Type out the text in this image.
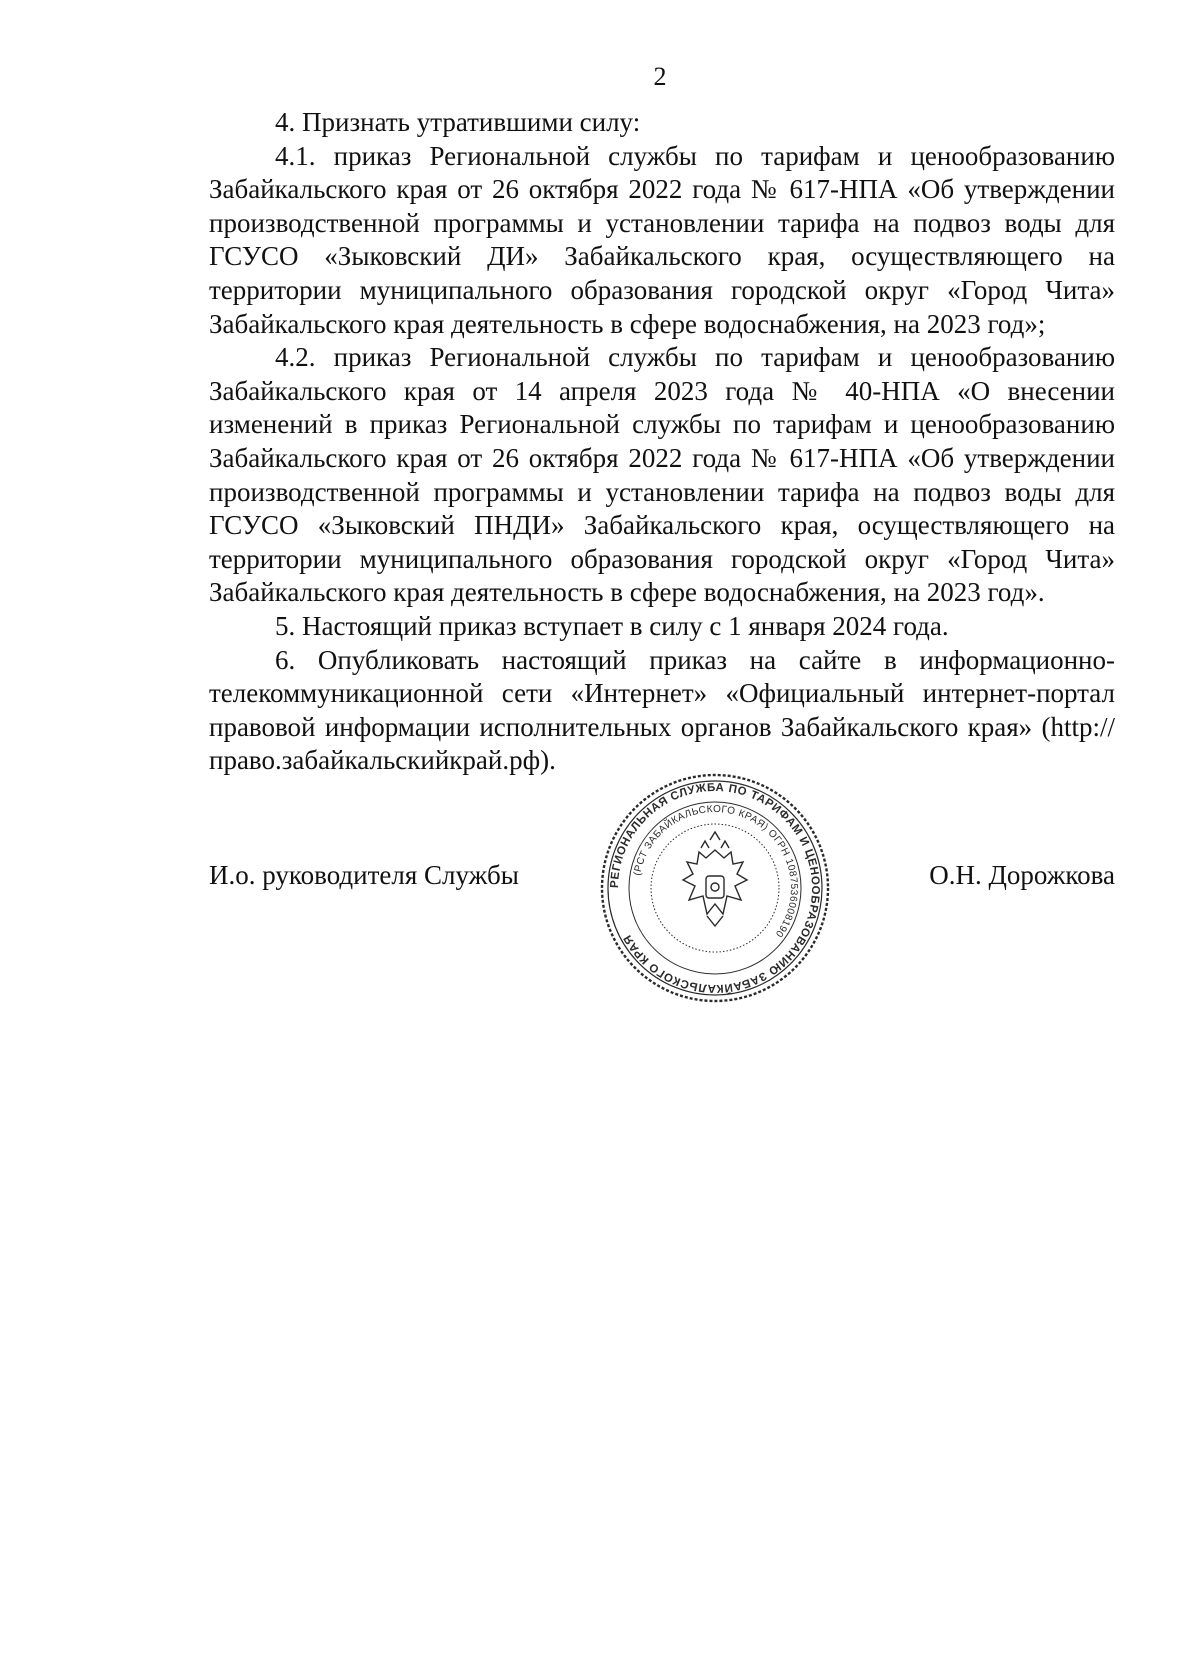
2

4. Признать утратившими силу:

4.1. приказ Региональной службы по тарифам и ценообразованию Забайкальского края от 26 октября 2022 года № 617-НПА «Об утверждении производственной программы и установлении тарифа на подвоз воды для ГСУСО «Зыковский ДИ» Забайкальского края, осуществляющего на территории муниципального образования городской округ «Город Чита» Забайкальского края деятельность в сфере водоснабжения, на 2023 год»;

4.2. приказ Региональной службы по тарифам и ценообразованию Забайкальского края от 14 апреля 2023 года № 40-НПА «О внесении изменений в приказ Региональной службы по тарифам и ценообразованию Забайкальского края от 26 октября 2022 года № 617-НПА «Об утверждении производственной программы и установлении тарифа на подвоз воды для ГСУСО «Зыковский ПНДИ» Забайкальского края, осуществляющего на территории муниципального образования городской округ «Город Чита» Забайкальского края деятельность в сфере водоснабжения, на 2023 год».

5. Настоящий приказ вступает в силу с 1 января 2024 года.

6. Опубликовать настоящий приказ на сайте в информационно-телекоммуникационной сети «Интернет» «Официальный интернет-портал правовой информации исполнительных органов Забайкальского края» (http://право.забайкальскийкрай.рф).

И.о. руководителя Службы	О.Н. Дорожкова
РЕГИОНАЛЬНАЯ СЛУЖБА ПО ТАРИФАМ И ЦЕНООБРАЗОВАНИЮ ЗАБАЙКАЛЬСКОГО КРАЯ
(РСТ ЗАБАЙКАЛЬСКОГО КРАЯ) ОГРН 1087536008190
